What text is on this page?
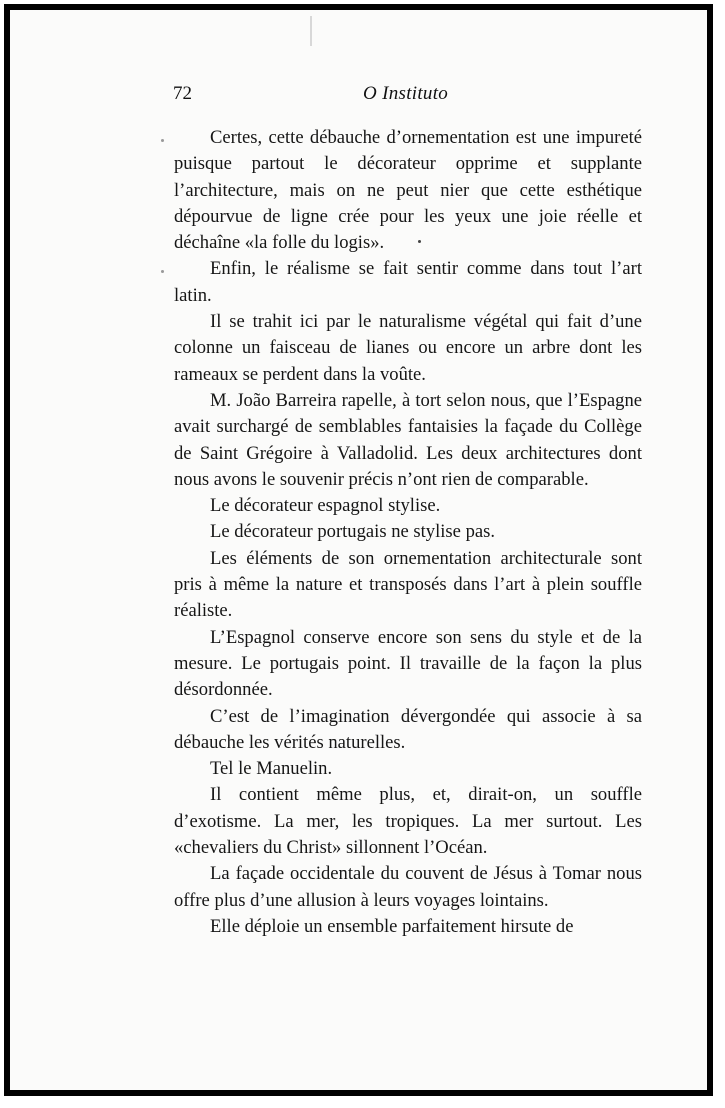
72	O Instituto

Certes, cette débauche d’ornementation est une impureté puisque partout le décorateur opprime et supplante l’architecture, mais on ne peut nier que cette esthétique dépourvue de ligne crée pour les yeux une joie réelle et déchaîne «la folle du logis».

Enfin, le réalisme se fait sentir comme dans tout l’art latin.

Il se trahit ici par le naturalisme végétal qui fait d’une colonne un faisceau de lianes ou encore un arbre dont les rameaux se perdent dans la voûte.

M. João Barreira rapelle, à tort selon nous, que l’Espagne avait surchargé de semblables fantaisies la façade du Collège de Saint Grégoire à Valladolid. Les deux architectures dont nous avons le souvenir précis n’ont rien de comparable.

Le décorateur espagnol stylise.

Le décorateur portugais ne stylise pas.

Les éléments de son ornementation architecturale sont pris à même la nature et transposés dans l’art à plein souffle réaliste.

L’Espagnol conserve encore son sens du style et de la mesure. Le portugais point. Il travaille de la façon la plus désordonnée.

C’est de l’imagination dévergondée qui associe à sa débauche les vérités naturelles.

Tel le Manuelin.

Il contient même plus, et, dirait-on, un souffle d’exotisme. La mer, les tropiques. La mer surtout. Les «chevaliers du Christ» sillonnent l’Océan.

La façade occidentale du couvent de Jésus à Tomar nous offre plus d’une allusion à leurs voyages lointains.

Elle déploie un ensemble parfaitement hirsute de
